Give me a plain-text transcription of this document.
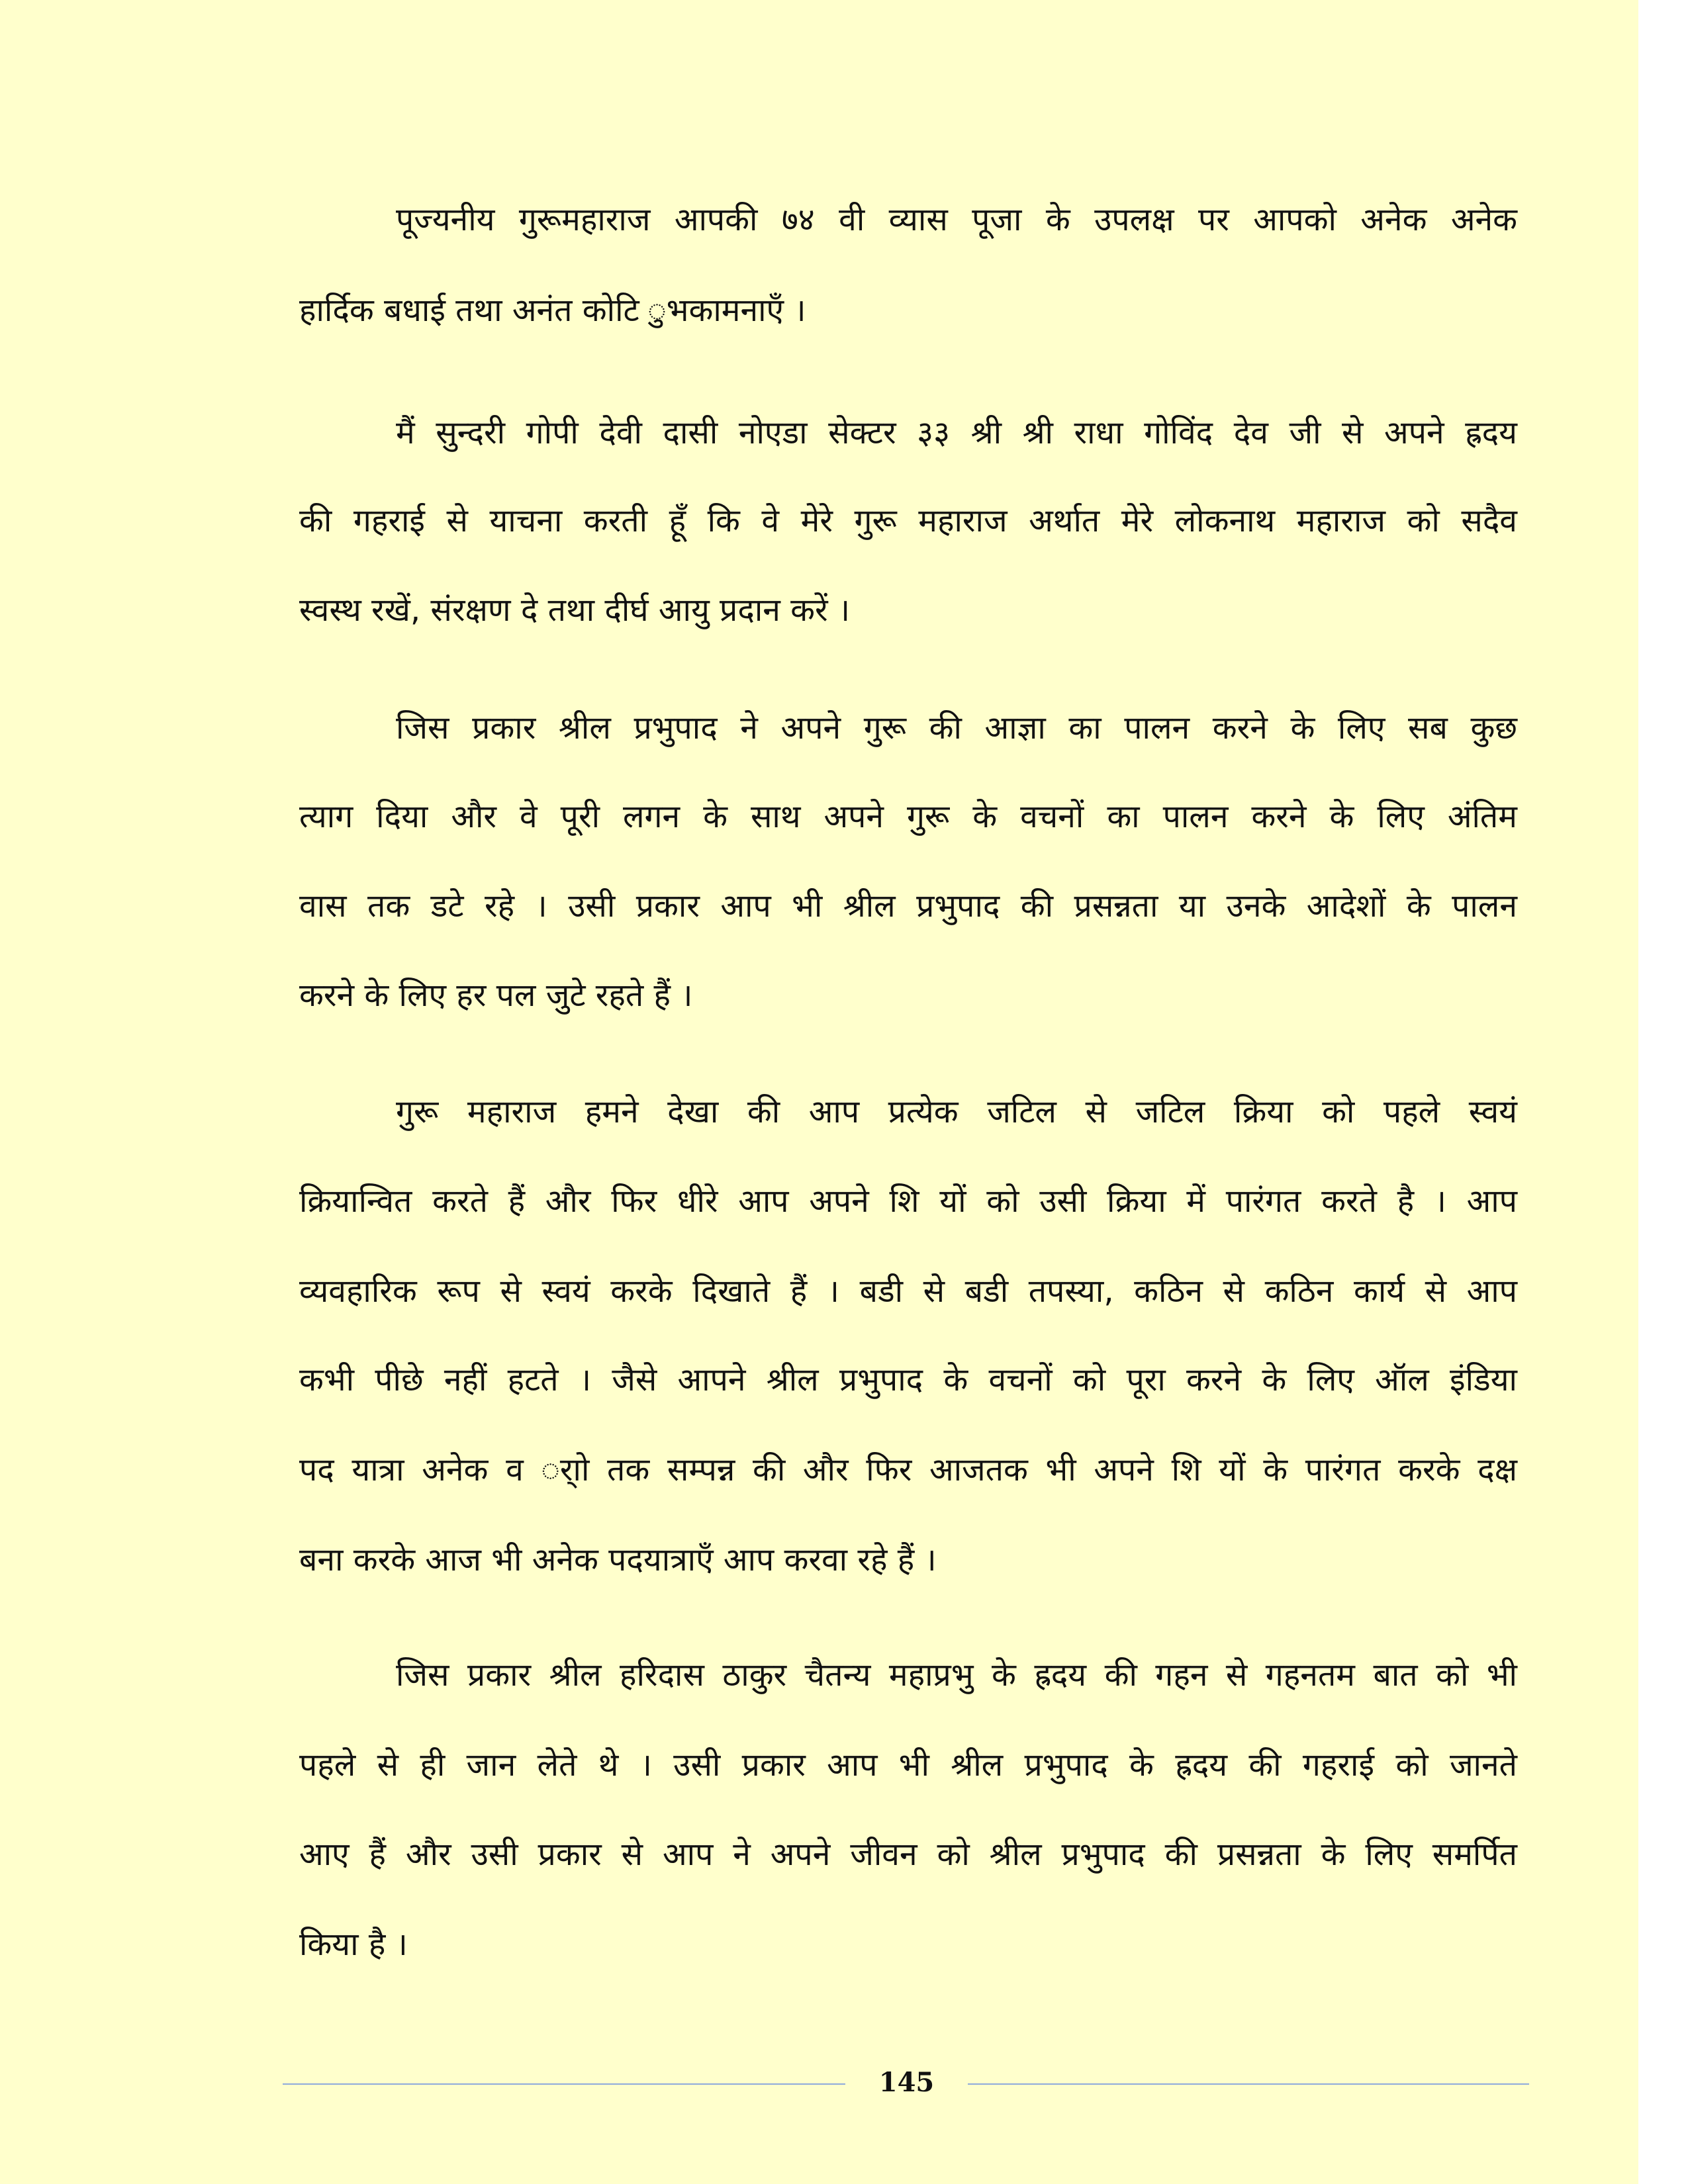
पूज्यनीय गुरूमहाराज आपकी ७४ वी व्यास पूजा के उपलक्ष पर आपको अनेक अनेक

हार्दिक बधाई तथा अनंत कोटि ुभकामनाएँ ।

मैं सुन्दरी गोपी देवी दासी नोएडा सेक्टर ३३ श्री श्री राधा गोविंद देव जी से अपने ह्रदय

की गहराई से याचना करती हूँ कि वे मेरे गुरू महाराज अर्थात मेरे लोकनाथ महाराज को सदैव

स्वस्थ रखें, संरक्षण दे तथा दीर्घ आयु प्रदान करें ।

जिस प्रकार श्रील प्रभुपाद ने अपने गुरू की आज्ञा का पालन करने के लिए सब कुछ

त्याग दिया और वे पूरी लगन के साथ अपने गुरू के वचनों का पालन करने के लिए अंतिम

वास तक डटे रहे । उसी प्रकार आप भी श्रील प्रभुपाद की प्रसन्नता या उनके आदेशों के पालन

करने के लिए हर पल जुटे रहते हैं ।

गुरू महाराज हमने देखा की आप प्रत्येक जटिल से जटिल क्रिया को पहले स्वयं

क्रियान्वित करते हैं और फिर धीरे आप अपने शि यों को उसी क्रिया में पारंगत करते है । आप

व्यवहारिक रूप से स्वयं करके दिखाते हैं । बडी से बडी तपस्या, कठिन से कठिन कार्य से आप

कभी पीछे नहीं हटते । जैसे आपने श्रील प्रभुपाद के वचनों को पूरा करने के लिए ऑल इंडिया

पद यात्रा अनेक व र्ाो तक सम्पन्न की और फिर आजतक भी अपने शि यों के पारंगत करके दक्ष

बना करके आज भी अनेक पदयात्राएँ आप करवा रहे हैं ।

जिस प्रकार श्रील हरिदास ठाकुर चैतन्य महाप्रभु के ह्रदय की गहन से गहनतम बात को भी

पहले से ही जान लेते थे । उसी प्रकार आप भी श्रील प्रभुपाद के ह्रदय की गहराई को जानते

आए हैं और उसी प्रकार से आप ने अपने जीवन को श्रील प्रभुपाद की प्रसन्नता के लिए समर्पित

किया है ।

145
